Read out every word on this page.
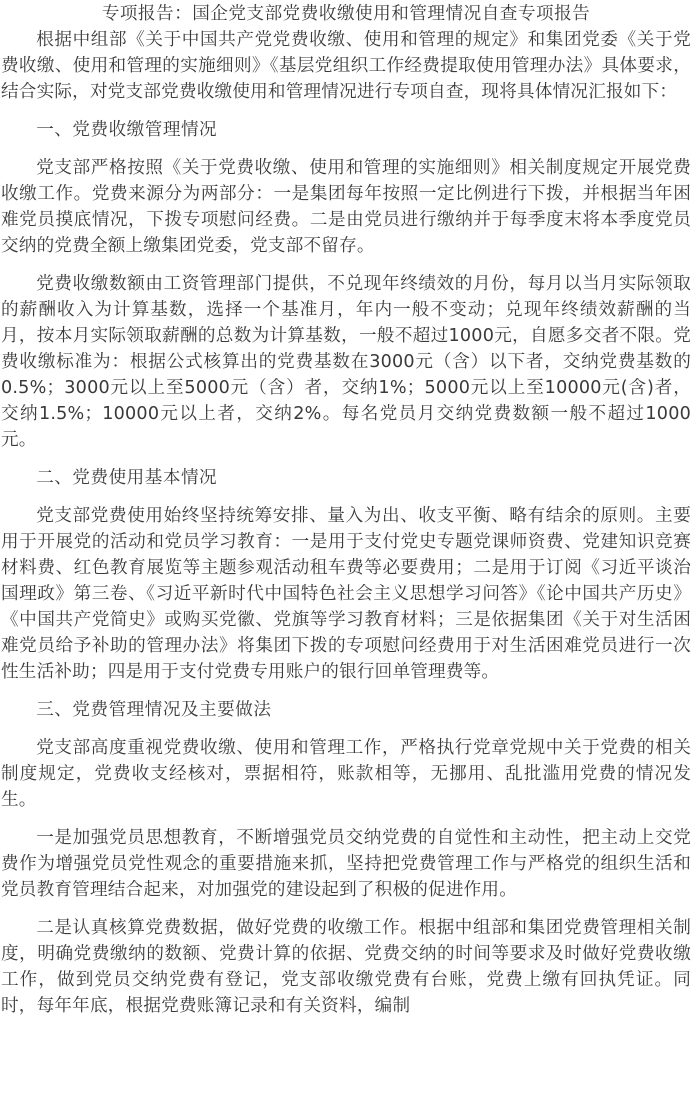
专项报告：国企党支部党费收缴使用和管理情况自查专项报告

根据中组部《关于中国共产党党费收缴、使用和管理的规定》和集团党委《关于党费收缴、使用和管理的实施细则》《基层党组织工作经费提取使用管理办法》具体要求，结合实际，对党支部党费收缴使用和管理情况进行专项自查，现将具体情况汇报如下：

一、党费收缴管理情况

党支部严格按照《关于党费收缴、使用和管理的实施细则》相关制度规定开展党费收缴工作。党费来源分为两部分：一是集团每年按照一定比例进行下拨，并根据当年困难党员摸底情况，下拨专项慰问经费。二是由党员进行缴纳并于每季度末将本季度党员交纳的党费全额上缴集团党委，党支部不留存。

党费收缴数额由工资管理部门提供，不兑现年终绩效的月份，每月以当月实际领取的薪酬收入为计算基数，选择一个基准月，年内一般不变动；兑现年终绩效薪酬的当月，按本月实际领取薪酬的总数为计算基数，一般不超过1000元，自愿多交者不限。党费收缴标准为：根据公式核算出的党费基数在3000元（含）以下者，交纳党费基数的0.5%；3000元以上至5000元（含）者，交纳1%；5000元以上至10000元(含)者，交纳1.5%；10000元以上者，交纳2%。每名党员月交纳党费数额一般不超过1000元。

二、党费使用基本情况

党支部党费使用始终坚持统筹安排、量入为出、收支平衡、略有结余的原则。主要用于开展党的活动和党员学习教育：一是用于支付党史专题党课师资费、党建知识竞赛材料费、红色教育展览等主题参观活动租车费等必要费用；二是用于订阅《习近平谈治国理政》第三卷、《习近平新时代中国特色社会主义思想学习问答》《论中国共产历史》《中国共产党简史》或购买党徽、党旗等学习教育材料；三是依据集团《关于对生活困难党员给予补助的管理办法》将集团下拨的专项慰问经费用于对生活困难党员进行一次性生活补助；四是用于支付党费专用账户的银行回单管理费等。

三、党费管理情况及主要做法

党支部高度重视党费收缴、使用和管理工作，严格执行党章党规中关于党费的相关制度规定，党费收支经核对，票据相符，账款相等，无挪用、乱批滥用党费的情况发生。

一是加强党员思想教育，不断增强党员交纳党费的自觉性和主动性，把主动上交党费作为增强党员党性观念的重要措施来抓，坚持把党费管理工作与严格党的组织生活和党员教育管理结合起来，对加强党的建设起到了积极的促进作用。

二是认真核算党费数据，做好党费的收缴工作。根据中组部和集团党费管理相关制度，明确党费缴纳的数额、党费计算的依据、党费交纳的时间等要求及时做好党费收缴工作，做到党员交纳党费有登记，党支部收缴党费有台账，党费上缴有回执凭证。同时，每年年底，根据党费账簿记录和有关资料，编制
